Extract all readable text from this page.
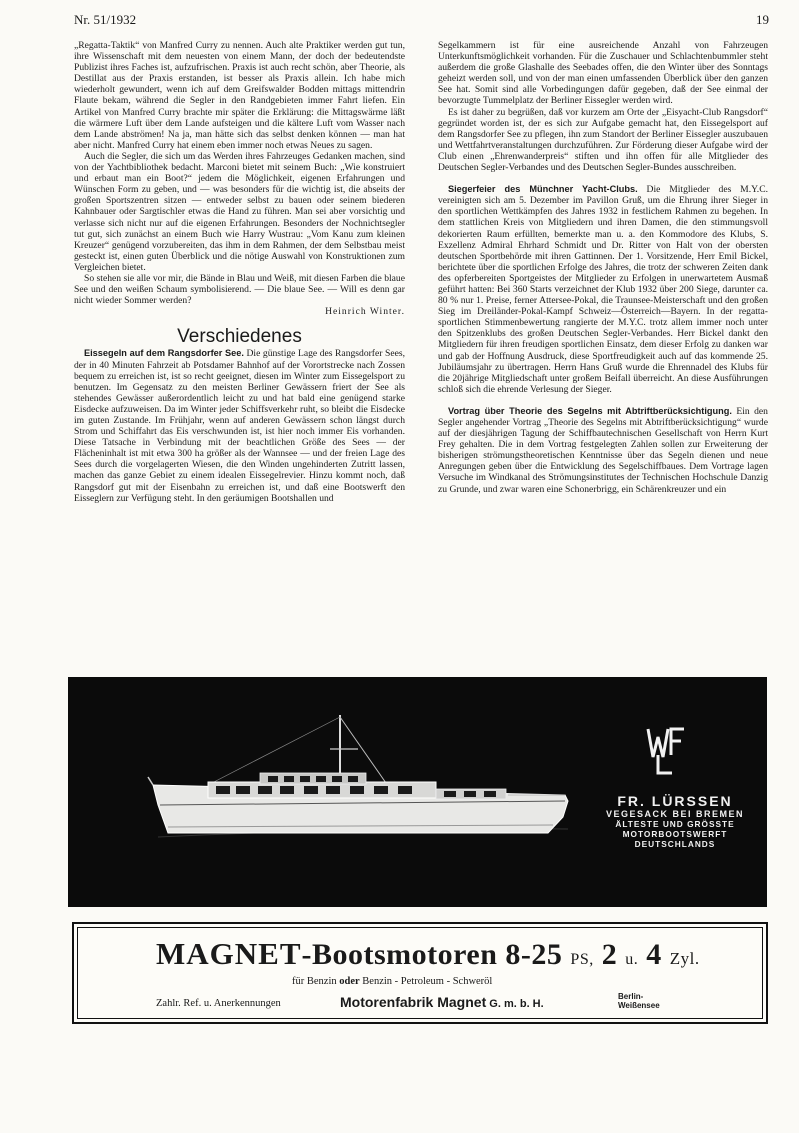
Nr. 51/1932	19

„Regatta-Taktik“ von Manfred Curry zu nennen. Auch alte Praktiker werden gut tun, ihre Wissenschaft mit dem neuesten von einem Mann, der doch der bedeutendste Publizist ihres Faches ist, aufzufrischen. Praxis ist auch recht schön, aber Theorie, als Destillat aus der Praxis erstanden, ist besser als Praxis allein. Ich habe mich wiederholt gewundert, wenn ich auf dem Greifswalder Bodden mittags mittendrin Flaute bekam, während die Segler in den Randgebieten immer Fahrt liefen. Ein Artikel von Manfred Curry brachte mir später die Erklärung: die Mittagswärme läßt die wärmere Luft über dem Lande aufsteigen und die kältere Luft vom Wasser nach dem Lande abströmen! Na ja, man hätte sich das selbst denken können — man hat aber nicht. Manfred Curry hat einem eben immer noch etwas Neues zu sagen.

Auch die Segler, die sich um das Werden ihres Fahrzeuges Gedanken machen, sind von der Yachtbibliothek bedacht. Marconi bietet mit seinem Buch: „Wie konstruiert und erbaut man ein Boot?“ jedem die Möglichkeit, eigenen Erfahrungen und Wünschen Form zu geben, und — was besonders für die wichtig ist, die abseits der großen Sportszentren sitzen — entweder selbst zu bauen oder seinem biederen Kahnbauer oder Sargtischler etwas die Hand zu führen. Man sei aber vorsichtig und verlasse sich nicht nur auf die eigenen Erfahrungen. Besonders der Nochnichtsegler tut gut, sich zunächst an einem Buch wie Harry Wustrau: „Vom Kanu zum kleinen Kreuzer“ genügend vorzubereiten, das ihm in dem Rahmen, der dem Selbstbau meist gesteckt ist, einen guten Überblick und die nötige Auswahl von Konstruktionen zum Vergleichen bietet.

So stehen sie alle vor mir, die Bände in Blau und Weiß, mit diesen Farben die blaue See und den weißen Schaum symbolisierend. — Die blaue See. — Will es denn gar nicht wieder Sommer werden?

Heinrich Winter.
Verschiedenes

Eissegeln auf dem Rangsdorfer See. Die günstige Lage des Rangsdorfer Sees, der in 40 Minuten Fahrzeit ab Potsdamer Bahnhof auf der Vorortstrecke nach Zossen bequem zu erreichen ist, ist so recht geeignet, diesen im Winter zum Eissegelsport zu benutzen. Im Gegensatz zu den meisten Berliner Gewässern friert der See als stehendes Gewässer außerordentlich leicht zu und hat bald eine genügend starke Eisdecke aufzuweisen. Da im Winter jeder Schiffsverkehr ruht, so bleibt die Eisdecke im guten Zustande. Im Frühjahr, wenn auf anderen Gewässern schon längst durch Strom und Schiffahrt das Eis verschwunden ist, ist hier noch immer Eis vorhanden. Diese Tatsache in Verbindung mit der beachtlichen Größe des Sees — der Flächeninhalt ist mit etwa 300 ha größer als der Wannsee — und der freien Lage des Sees durch die vorgelagerten Wiesen, die den Winden ungehinderten Zutritt lassen, machen das ganze Gebiet zu einem idealen Eissegelrevier. Hinzu kommt noch, daß Rangsdorf gut mit der Eisenbahn zu erreichen ist, und daß eine Bootswerft den Eisseglern zur Verfügung steht. In den geräumigen Bootshallen und

Segelkammern ist für eine ausreichende Anzahl von Fahrzeugen Unterkunftsmöglichkeit vorhanden. Für die Zuschauer und Schlachtenbummler steht außerdem die große Glashalle des Seebades offen, die den Winter über des Sonntags geheizt werden soll, und von der man einen umfassenden Überblick über den ganzen See hat. Somit sind alle Vorbedingungen dafür gegeben, daß der See einmal der bevorzugte Tummelplatz der Berliner Eissegler werden wird.

Es ist daher zu begrüßen, daß vor kurzem am Orte der „Eisyacht-Club Rangsdorf“ gegründet worden ist, der es sich zur Aufgabe gemacht hat, den Eissegelsport auf dem Rangsdorfer See zu pflegen, ihn zum Standort der Berliner Eissegler auszubauen und Wettfahrtveranstaltungen durchzuführen. Zur Förderung dieser Aufgabe wird der Club einen „Ehrenwanderpreis“ stiften und ihn offen für alle Mitglieder des Deutschen Segler-Verbandes und des Deutschen Segler-Bundes ausschreiben.

Siegerfeier des Münchner Yacht-Clubs. Die Mitglieder des M.Y.C. vereinigten sich am 5. Dezember im Pavillon Gruß, um die Ehrung ihrer Sieger in den sportlichen Wettkämpfen des Jahres 1932 in festlichem Rahmen zu begehen. In dem stattlichen Kreis von Mitgliedern und ihren Damen, die den stimmungsvoll dekorierten Raum erfüllten, bemerkte man u. a. den Kommodore des Klubs, S. Exzellenz Admiral Ehrhard Schmidt und Dr. Ritter von Halt von der obersten deutschen Sportbehörde mit ihren Gattinnen. Der 1. Vorsitzende, Herr Emil Bickel, berichtete über die sportlichen Erfolge des Jahres, die trotz der schweren Zeiten dank des opferbereiten Sportgeistes der Mitglieder zu Erfolgen in unerwartetem Ausmaß geführt hatten: Bei 360 Starts verzeichnet der Klub 1932 über 200 Siege, darunter ca. 80 % nur 1. Preise, ferner Attersee-Pokal, die Traunsee-Meisterschaft und den großen Sieg im Dreiländer-Pokal-Kampf Schweiz—Österreich—Bayern. In der regatta-sportlichen Stimmenbewertung rangierte der M.Y.C. trotz allem immer noch unter den Spitzenklubs des großen Deutschen Segler-Verbandes. Herr Bickel dankt den Mitgliedern für ihren freudigen sportlichen Einsatz, dem dieser Erfolg zu danken war und gab der Hoffnung Ausdruck, diese Sportfreudigkeit auch auf das kommende 25. Jubiläumsjahr zu übertragen. Herrn Hans Gruß wurde die Ehrennadel des Klubs für die 20jährige Mitgliedschaft unter großem Beifall überreicht. An diese Ausführungen schloß sich die ehrende Verlesung der Sieger.

Vortrag über Theorie des Segelns mit Abtriftberücksichtigung. Ein den Segler angehender Vortrag „Theorie des Segelns mit Abtriftberücksichtigung“ wurde auf der diesjährigen Tagung der Schiffbautechnischen Gesellschaft von Herrn Kurt Frey gehalten. Die in dem Vortrag festgelegten Zahlen sollen zur Erweiterung der bisherigen strömungstheoretischen Kenntnisse über das Segeln dienen und neue Anregungen geben über die Entwicklung des Segelschiffbaues. Dem Vortrage lagen Versuche im Windkanal des Strömungsinstitutes der Technischen Hochschule Danzig zu Grunde, und zwar waren eine Schonerbrigg, ein Schärenkreuzer und ein

FR. LÜRSSEN
VEGESACK BEI BREMEN
ÄLTESTE UND GRÖSSTE
MOTORBOOTSWERFT
DEUTSCHLANDS
MAGNET-Bootsmotoren 8-25 PS, 2 u. 4 Zyl.
für Benzin oder Benzin - Petroleum - Schweröl
Zahlr. Ref. u. Anerkennungen	Motorenfabrik Magnet G. m. b. H.
Berlin-
Weißensee
